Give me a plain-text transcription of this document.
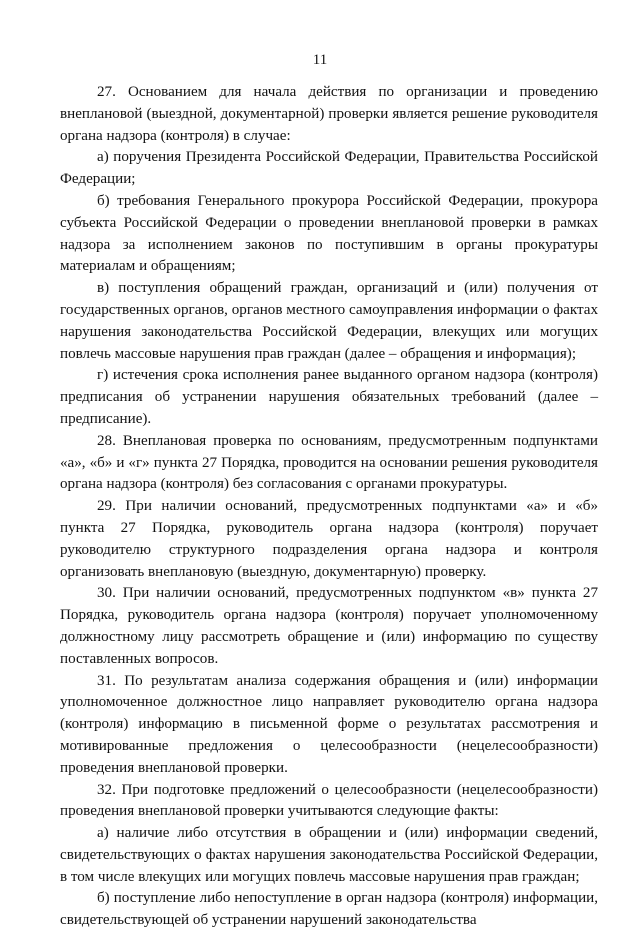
11

27. Основанием для начала действия по организации и проведению внеплановой (выездной, документарной) проверки является решение руководителя органа надзора (контроля) в случае:

а) поручения Президента Российской Федерации, Правительства Российской Федерации;

б) требования Генерального прокурора Российской Федерации, прокурора субъекта Российской Федерации о проведении внеплановой проверки в рамках надзора за исполнением законов по поступившим в органы прокуратуры материалам и обращениям;

в) поступления обращений граждан, организаций и (или) получения от государственных органов, органов местного самоуправления информации о фактах нарушения законодательства Российской Федерации, влекущих или могущих повлечь массовые нарушения прав граждан (далее – обращения и информация);

г) истечения срока исполнения ранее выданного органом надзора (контроля) предписания об устранении нарушения обязательных требований (далее – предписание).

28. Внеплановая проверка по основаниям, предусмотренным подпунктами «а», «б» и «г» пункта 27 Порядка, проводится на основании решения руководителя органа надзора (контроля) без согласования с органами прокуратуры.

29. При наличии оснований, предусмотренных подпунктами «а» и «б» пункта 27 Порядка, руководитель органа надзора (контроля) поручает руководителю структурного подразделения органа надзора и контроля организовать внеплановую (выездную, документарную) проверку.

30. При наличии оснований, предусмотренных подпунктом «в» пункта 27 Порядка, руководитель органа надзора (контроля) поручает уполномоченному должностному лицу рассмотреть обращение и (или) информацию по существу поставленных вопросов.

31. По результатам анализа содержания обращения и (или) информации уполномоченное должностное лицо направляет руководителю органа надзора (контроля) информацию в письменной форме о результатах рассмотрения и мотивированные предложения о целесообразности (нецелесообразности) проведения внеплановой проверки.

32. При подготовке предложений о целесообразности (нецелесообразности) проведения внеплановой проверки учитываются следующие факты:

а) наличие либо отсутствия в обращении и (или) информации сведений, свидетельствующих о фактах нарушения законодательства Российской Федерации, в том числе влекущих или могущих повлечь массовые нарушения прав граждан;

б) поступление либо непоступление в орган надзора (контроля) информации, свидетельствующей об устранении нарушений законодательства
